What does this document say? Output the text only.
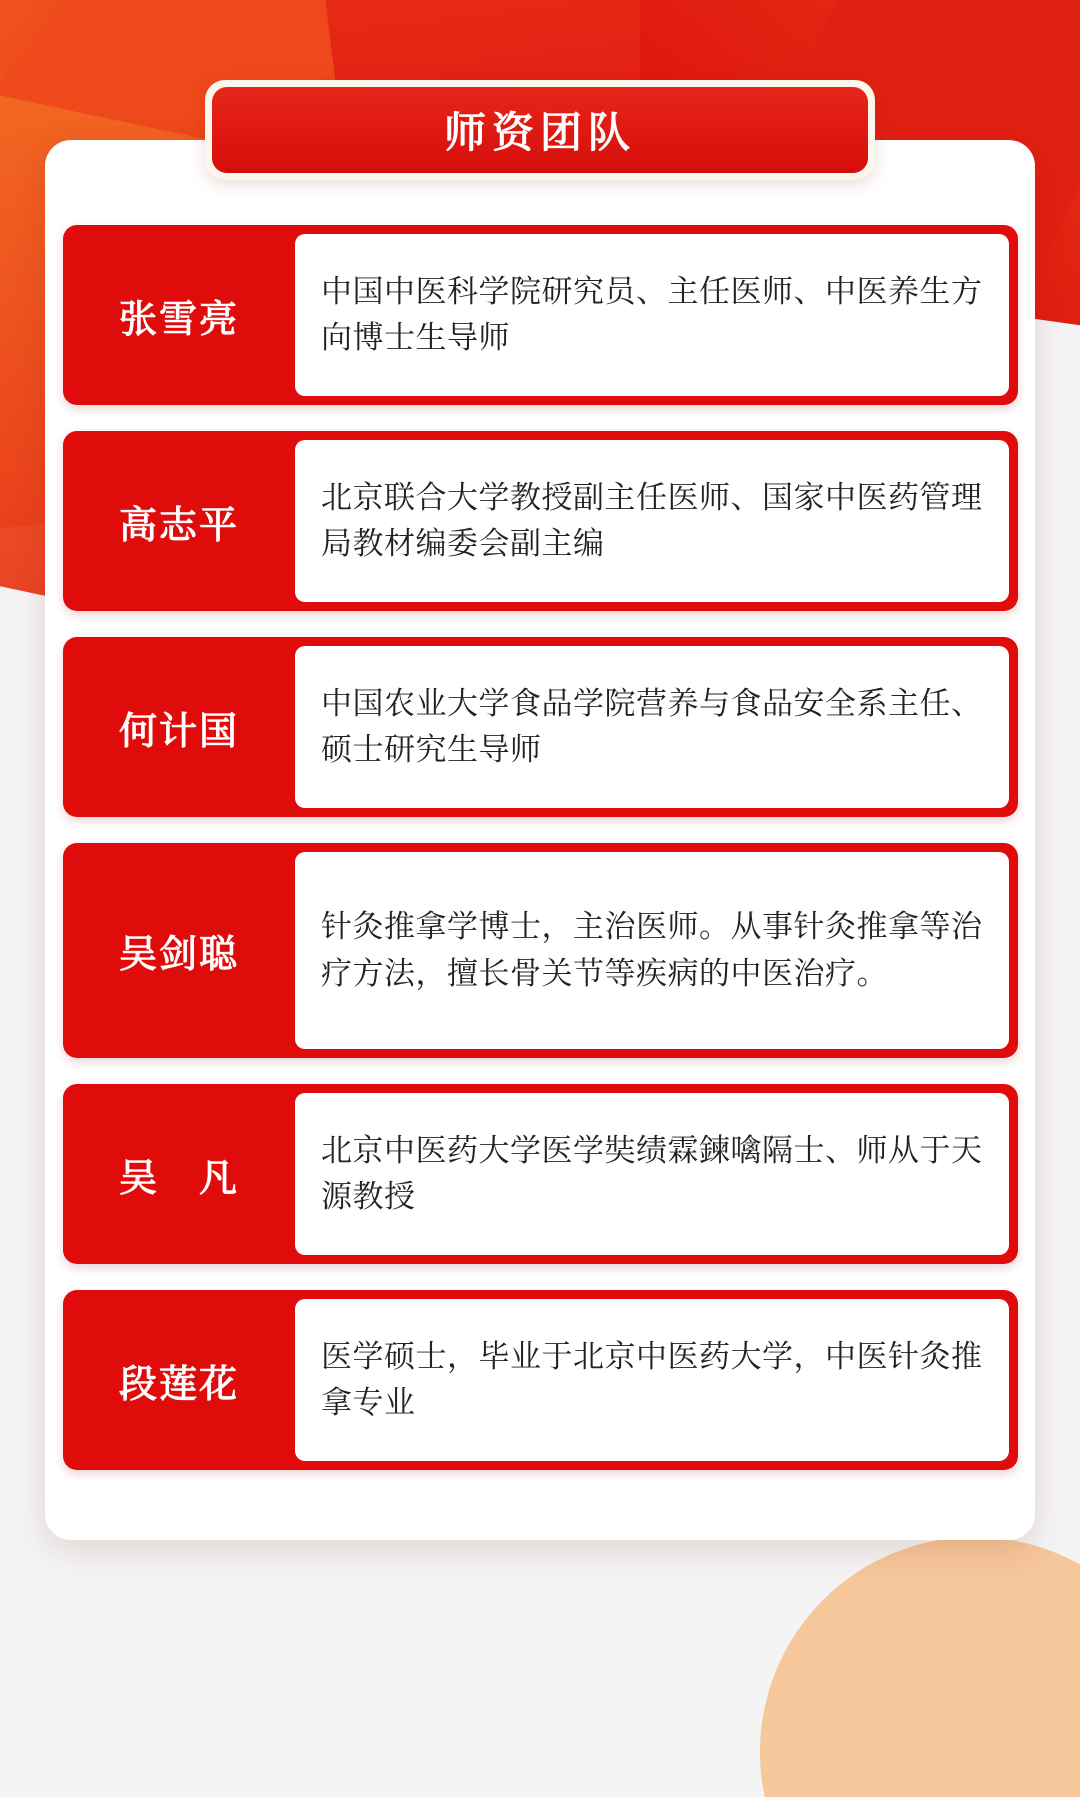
师资团队
张雪亮
中国中医科学院研究员、主任医师、中医养生方向博士生导师
高志平
北京联合大学教授副主任医师、国家中医药管理局教材编委会副主编
何计国
中国农业大学食品学院营养与食品安全系主任、硕士研究生导师
吴剑聪
针灸推拿学博士，主治医师。从事针灸推拿等治疗方法，擅长骨关节等疾病的中医治疗。
吴　凡
北京中医药大学医学奘绩霖鍊噙隔士、师从于天源教授
段莲花
医学硕士，毕业于北京中医药大学，中医针灸推拿专业
